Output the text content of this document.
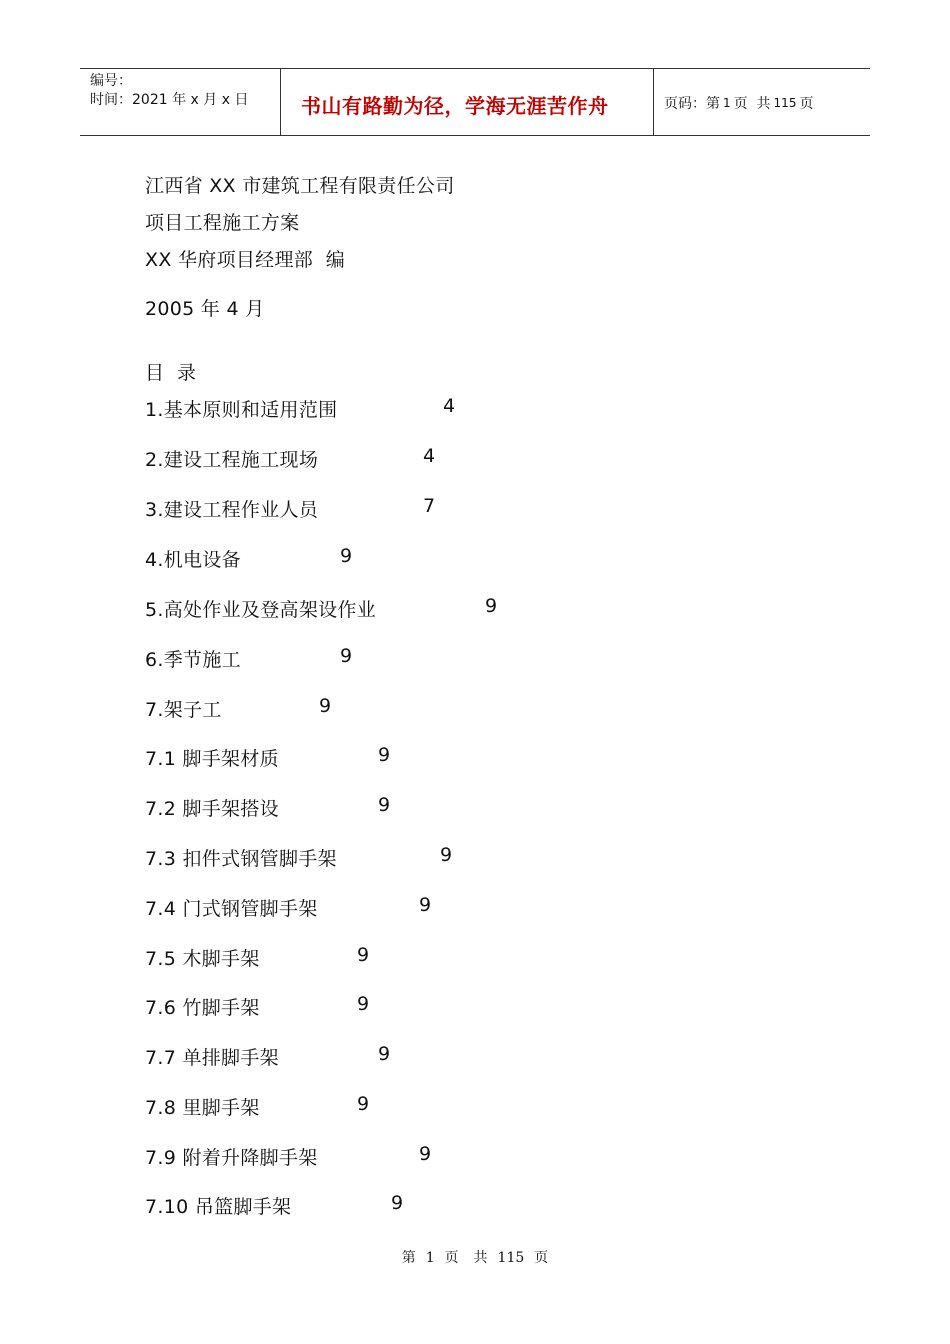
编号：
时间：2021 年 x 月 x 日	书山有路勤为径，学海无涯苦作舟	页码：第 1 页  共 115 页
江西省 XX 市建筑工程有限责任公司
项目工程施工方案
XX 华府项目经理部  编
2005 年 4 月
目  录
1.基本原则和适用范围	4
2.建设工程施工现场	4
3.建设工程作业人员	7
4.机电设备	9
5.高处作业及登高架设作业	9
6.季节施工	9
7.架子工	9
7.1 脚手架材质	9
7.2 脚手架搭设	9
7.3 扣件式钢管脚手架	9
7.4 门式钢管脚手架	9
7.5 木脚手架	9
7.6 竹脚手架	9
7.7 单排脚手架	9
7.8 里脚手架	9
7.9 附着升降脚手架	9
7.10 吊篮脚手架	9
第 1 页  共 115 页
